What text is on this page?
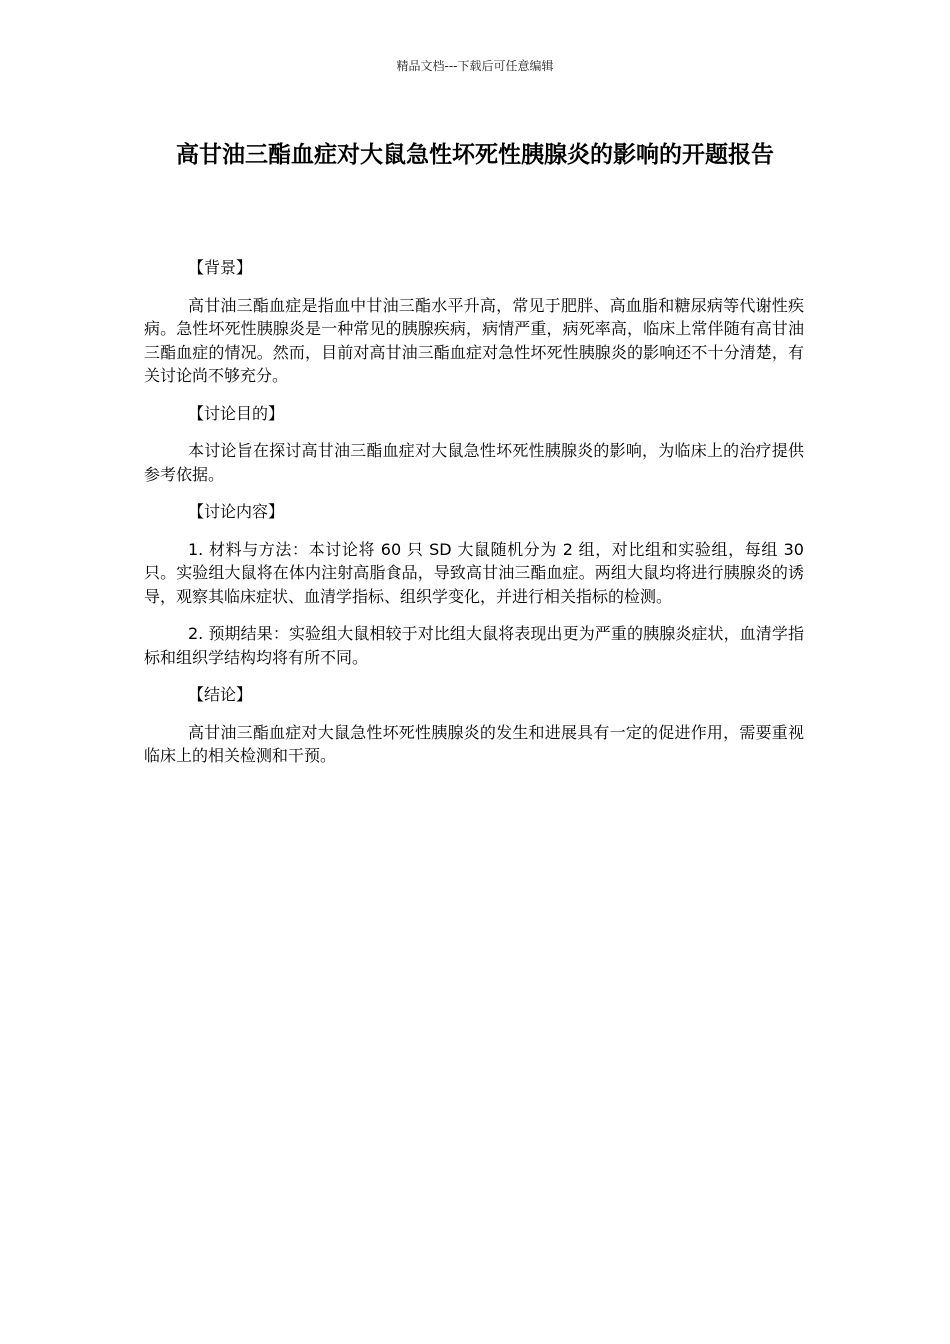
精品文档---下载后可任意编辑
高甘油三酯血症对大鼠急性坏死性胰腺炎的影响的开题报告

【背景】

高甘油三酯血症是指血中甘油三酯水平升高，常见于肥胖、高血脂和糖尿病等代谢性疾病。急性坏死性胰腺炎是一种常见的胰腺疾病，病情严重，病死率高，临床上常伴随有高甘油三酯血症的情况。然而，目前对高甘油三酯血症对急性坏死性胰腺炎的影响还不十分清楚，有关讨论尚不够充分。

【讨论目的】

本讨论旨在探讨高甘油三酯血症对大鼠急性坏死性胰腺炎的影响，为临床上的治疗提供参考依据。

【讨论内容】

1. 材料与方法：本讨论将 60 只 SD 大鼠随机分为 2 组，对比组和实验组，每组 30 只。实验组大鼠将在体内注射高脂食品，导致高甘油三酯血症。两组大鼠均将进行胰腺炎的诱导，观察其临床症状、血清学指标、组织学变化，并进行相关指标的检测。

2. 预期结果：实验组大鼠相较于对比组大鼠将表现出更为严重的胰腺炎症状，血清学指标和组织学结构均将有所不同。

【结论】

高甘油三酯血症对大鼠急性坏死性胰腺炎的发生和进展具有一定的促进作用，需要重视临床上的相关检测和干预。
